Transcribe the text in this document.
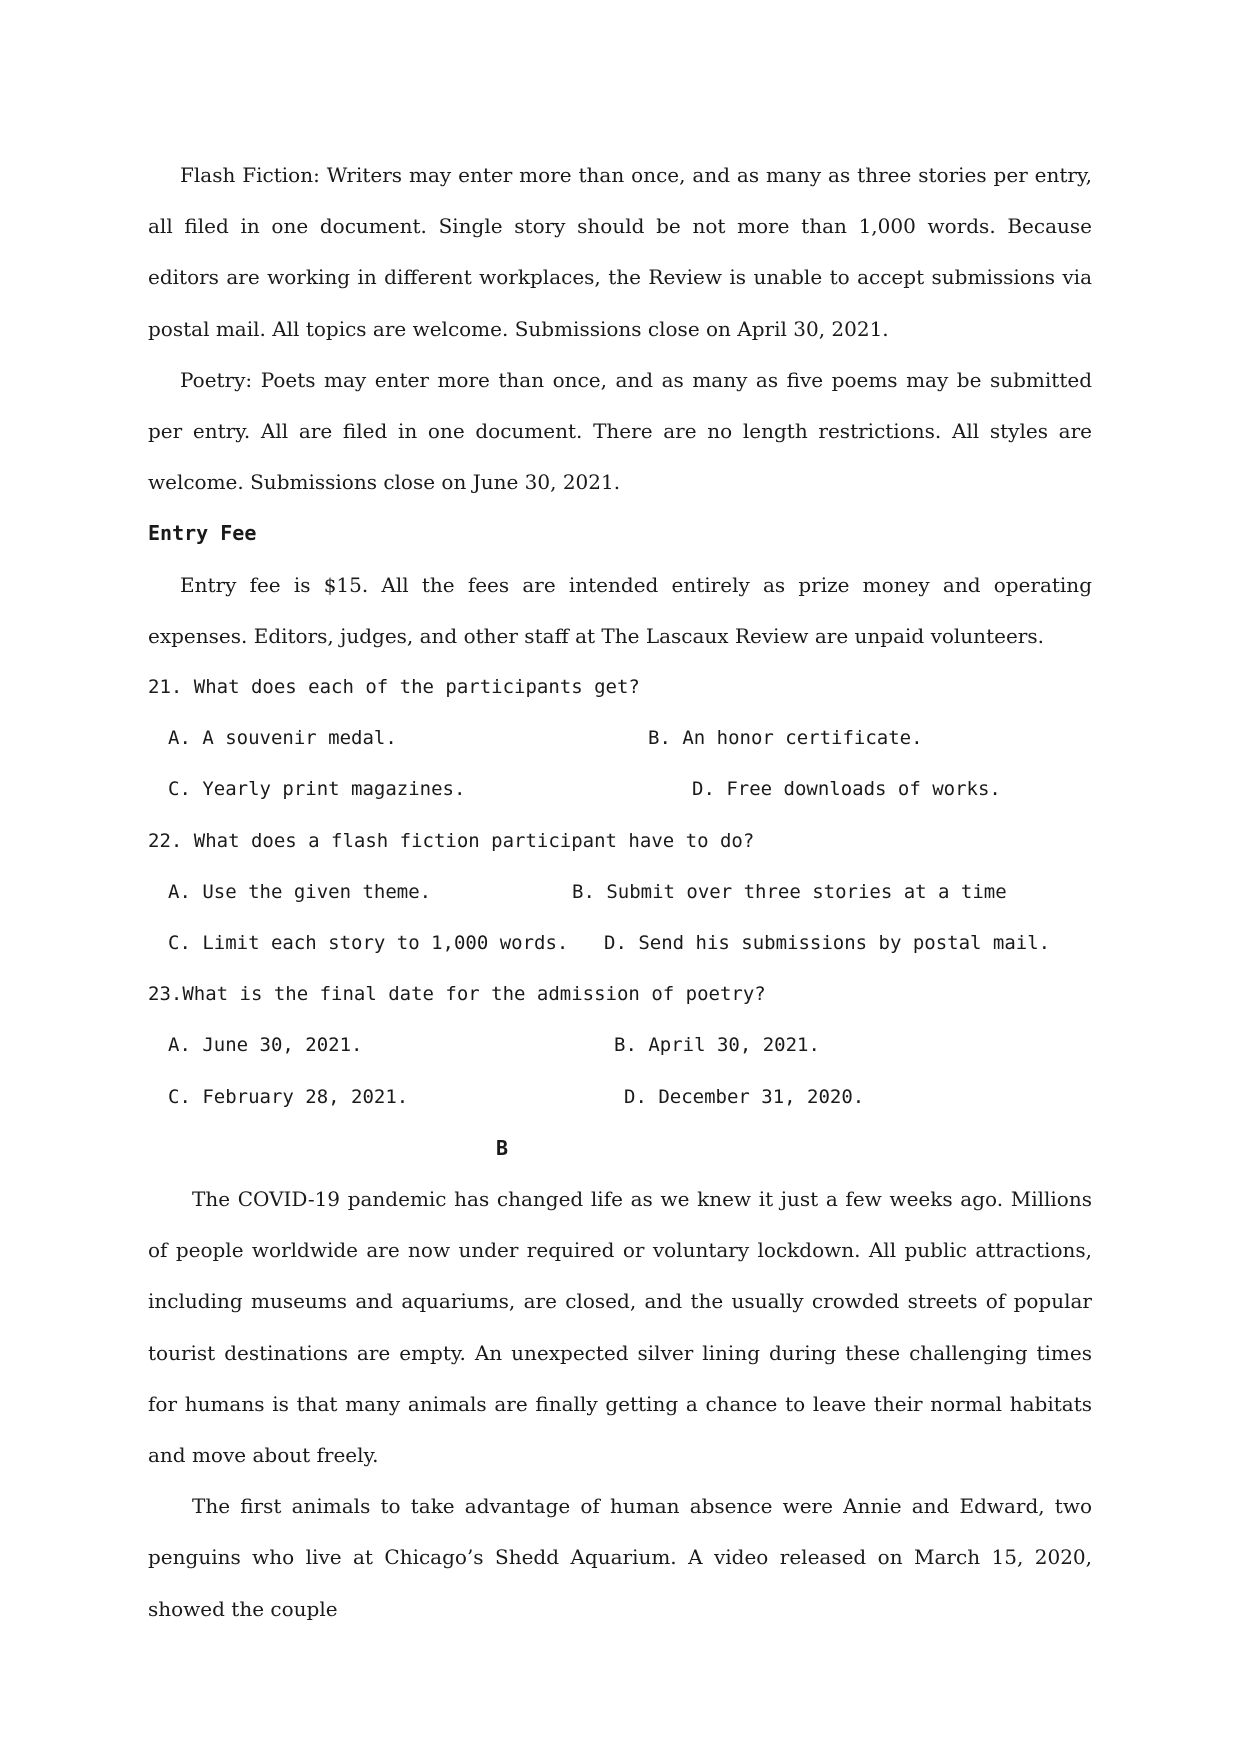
Flash Fiction: Writers may enter more than once, and as many as three stories per entry, all filed in one document. Single story should be not more than 1,000 words. Because editors are working in different workplaces, the Review is unable to accept submissions via postal mail. All topics are welcome. Submissions close on April 30, 2021.

Poetry: Poets may enter more than once, and as many as five poems may be submitted per entry. All are filed in one document. There are no length restrictions. All styles are welcome. Submissions close on June 30, 2021.

Entry Fee

Entry fee is $15. All the fees are intended entirely as prize money and operating expenses. Editors, judges, and other staff at The Lascaux Review are unpaid volunteers.

21. What does each of the participants get?

A. A souvenir medal.	B. An honor certificate.
C. Yearly print magazines.	D. Free downloads of works.

22. What does a flash fiction participant have to do?

A. Use the given theme.	B. Submit over three stories at a time
C. Limit each story to 1,000 words. D. Send his submissions by postal mail.

23.What is the final date for the admission of poetry?

A. June 30, 2021.	B. April 30, 2021.
C. February 28, 2021.	D. December 31, 2020.

B

The COVID-19 pandemic has changed life as we knew it just a few weeks ago. Millions of people worldwide are now under required or voluntary lockdown. All public attractions, including museums and aquariums, are closed, and the usually crowded streets of popular tourist destinations are empty. An unexpected silver lining during these challenging times for humans is that many animals are finally getting a chance to leave their normal habitats and move about freely.

The first animals to take advantage of human absence were Annie and Edward, two penguins who live at Chicago’s Shedd Aquarium. A video released on March 15, 2020, showed the couple
